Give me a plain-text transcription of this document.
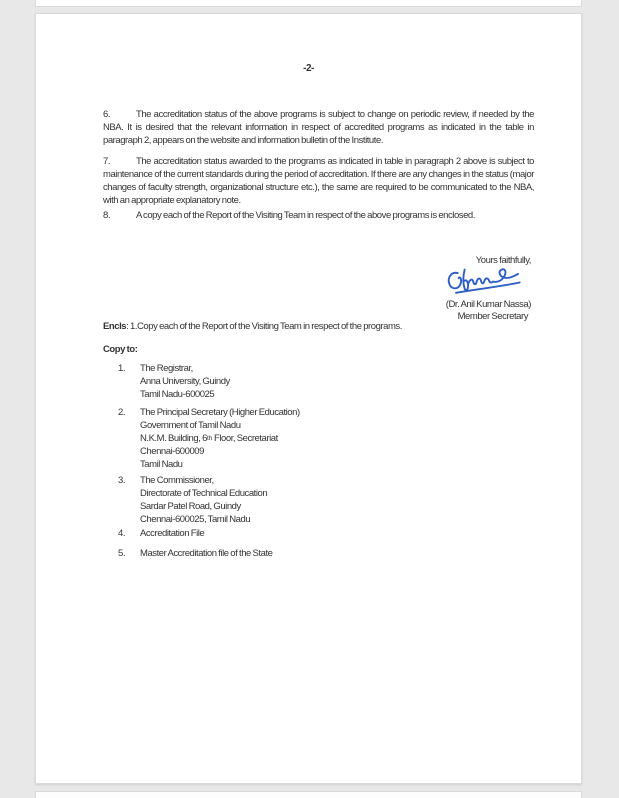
-2-
6.	The accreditation status of the above programs is subject to change on periodic review, if needed by the NBA. It is desired that the relevant information in respect of accredited programs as indicated in the table in paragraph 2, appears on the website and information bulletin of the Institute.
7.	The accreditation status awarded to the programs as indicated in table in paragraph 2 above is subject to maintenance of the current standards during the period of accreditation. If there are any changes in the status (major changes of faculty strength, organizational structure etc.), the same are required to be communicated to the NBA, with an appropriate explanatory note.
8.	A copy each of the Report of the Visiting Team in respect of the above programs is enclosed.
Yours faithfully,
(Dr. Anil Kumar Nassa)
Member Secretary
Encls: 1.Copy each of the Report of the Visiting Team in respect of the programs.
Copy to:
1.	The Registrar,
Anna University, Guindy
Tamil Nadu-600025
2.	The Principal Secretary (Higher Education)
Government of Tamil Nadu
N.K.M. Building, 6th Floor, Secretariat
Chennai-600009
Tamil Nadu
3.	The Commissioner,
Directorate of Technical Education
Sardar Patel Road, Guindy
Chennai-600025, Tamil Nadu
4.	Accreditation File
5.	Master Accreditation file of the State
